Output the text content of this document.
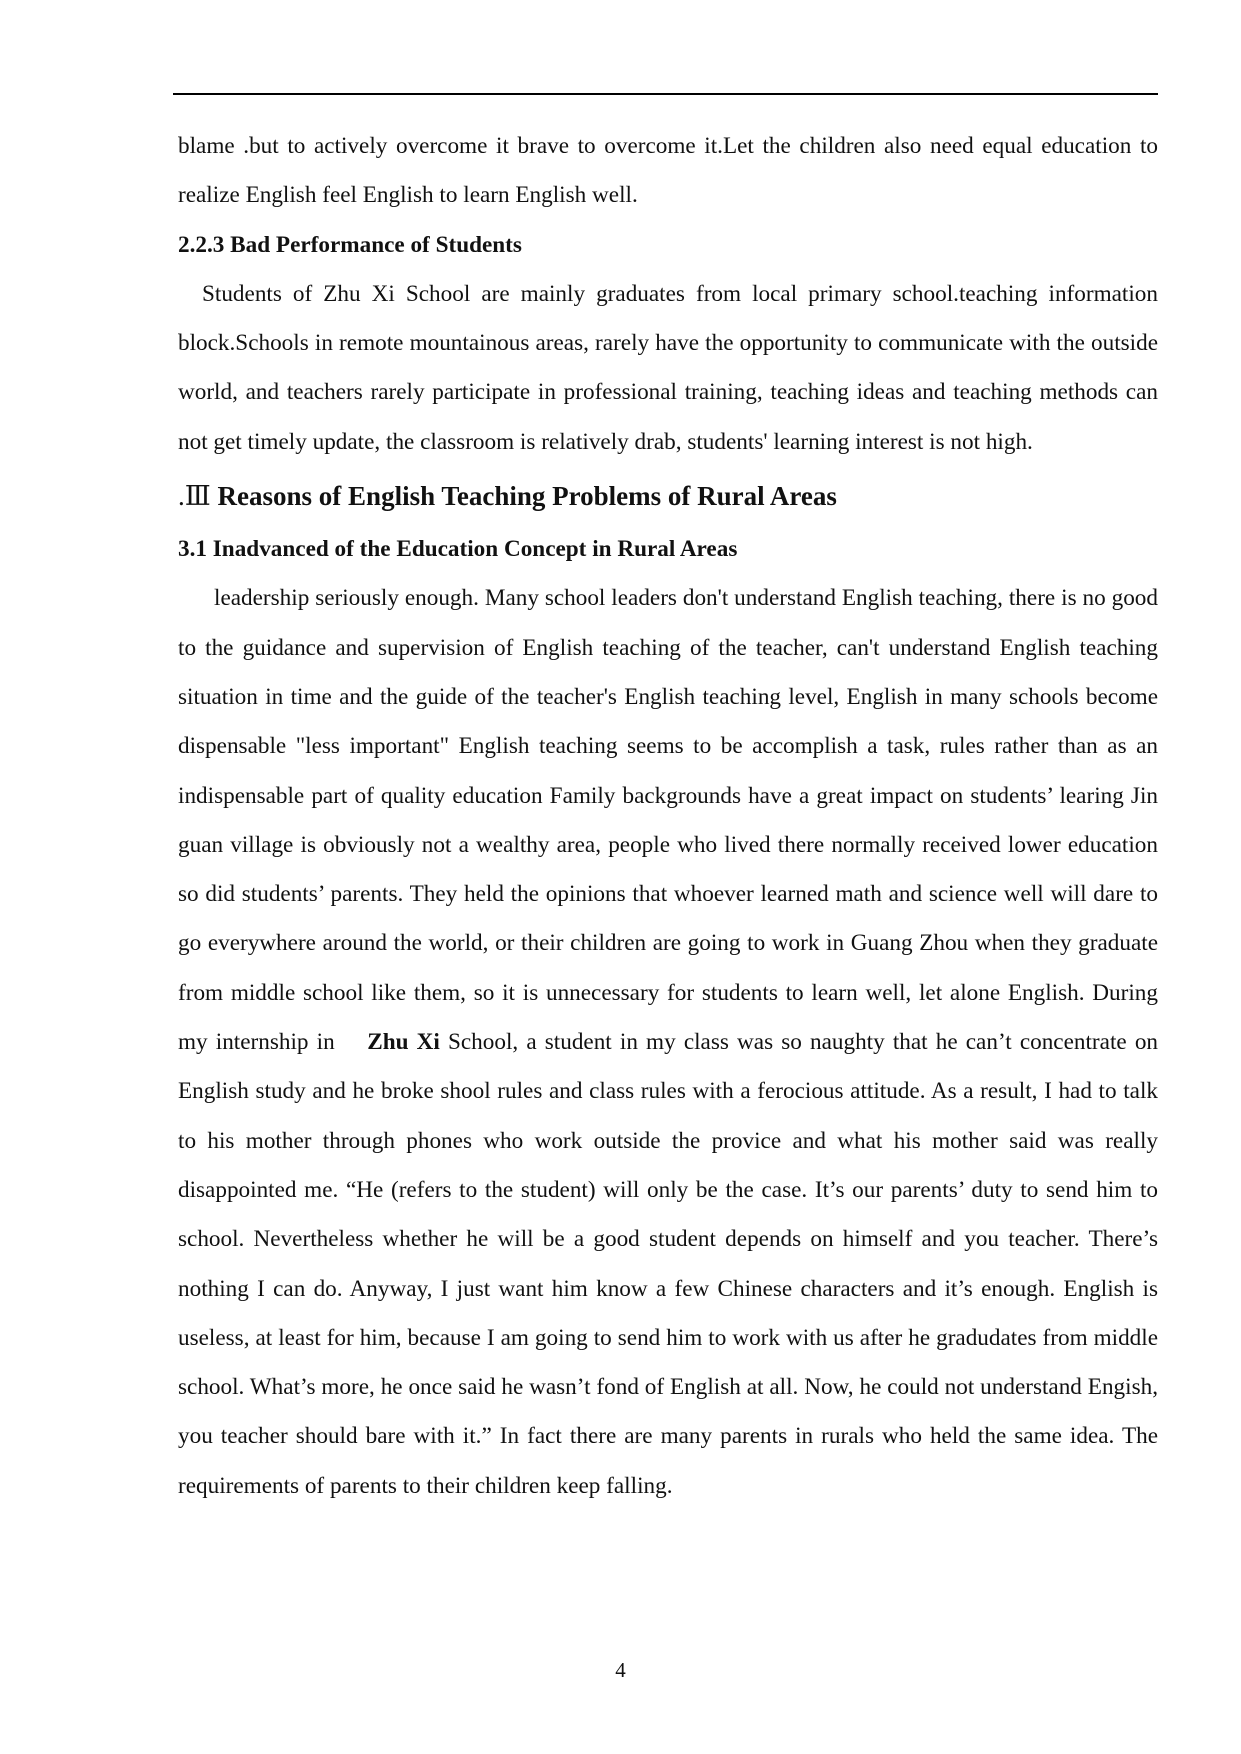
blame .but to actively overcome it brave to overcome it.Let the children also need equal education to realize English feel English to learn English well.

2.2.3 Bad Performance of Students

Students of Zhu Xi School are mainly graduates from local primary school.teaching information block.Schools in remote mountainous areas, rarely have the opportunity to communicate with the outside world, and teachers rarely participate in professional training, teaching ideas and teaching methods can not get timely update, the classroom is relatively drab, students' learning interest is not high.

.Ⅲ Reasons of English Teaching Problems of Rural Areas
3.1 Inadvanced of the Education Concept in Rural Areas

leadership seriously enough. Many school leaders don't understand English teaching, there is no good to the guidance and supervision of English teaching of the teacher, can't understand English teaching situation in time and the guide of the teacher's English teaching level, English in many schools become dispensable "less important" English teaching seems to be accomplish a task, rules rather than as an indispensable part of quality education Family backgrounds have a great impact on students’ learing Jin guan village is obviously not a wealthy area, people who lived there normally received lower education so did students’ parents. They held the opinions that whoever learned math and science well will dare to go everywhere around the world, or their children are going to work in Guang Zhou when they graduate from middle school like them, so it is unnecessary for students to learn well, let alone English. During my internship in Zhu Xi School, a student in my class was so naughty that he can’t concentrate on English study and he broke shool rules and class rules with a ferocious attitude. As a result, I had to talk to his mother through phones who work outside the provice and what his mother said was really disappointed me. “He (refers to the student) will only be the case. It’s our parents’ duty to send him to school. Nevertheless whether he will be a good student depends on himself and you teacher. There’s nothing I can do. Anyway, I just want him know a few Chinese characters and it’s enough. English is useless, at least for him, because I am going to send him to work with us after he gradudates from middle school. What’s more, he once said he wasn’t fond of English at all. Now, he could not understand Engish, you teacher should bare with it.” In fact there are many parents in rurals who held the same idea. The requirements of parents to their children keep falling.

4
